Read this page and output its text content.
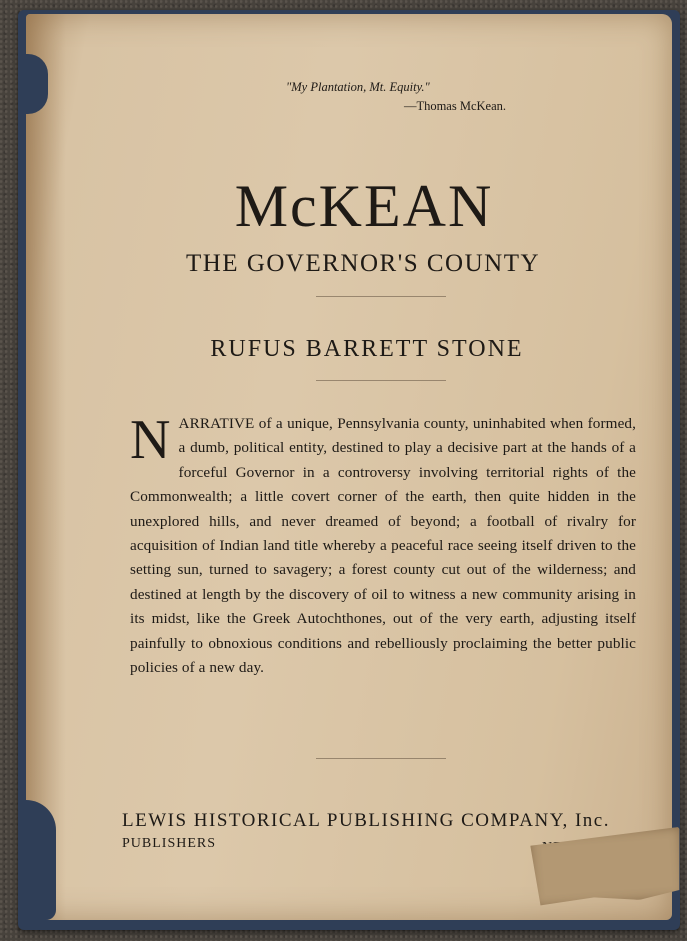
"My Plantation, Mt. Equity."
—Thomas McKean.
McKEAN
THE GOVERNOR'S COUNTY
RUFUS BARRETT STONE
N ARRATIVE of a unique, Pennsylvania county, uninhabited when formed, a dumb, political entity, destined to play a decisive part at the hands of a forceful Governor in a controversy involving territorial rights of the Commonwealth; a little covert corner of the earth, then quite hidden in the unexplored hills, and never dreamed of beyond; a football of rivalry for acquisition of Indian land title whereby a peaceful race seeing itself driven to the setting sun, turned to savagery; a forest county cut out of the wilderness; and destined at length by the discovery of oil to witness a new community arising in its midst, like the Greek Autochthones, out of the very earth, adjusting itself painfully to obnoxious conditions and rebelliously proclaiming the better public policies of a new day.
LEWIS HISTORICAL PUBLISHING COMPANY, Inc.
PUBLISHERS
